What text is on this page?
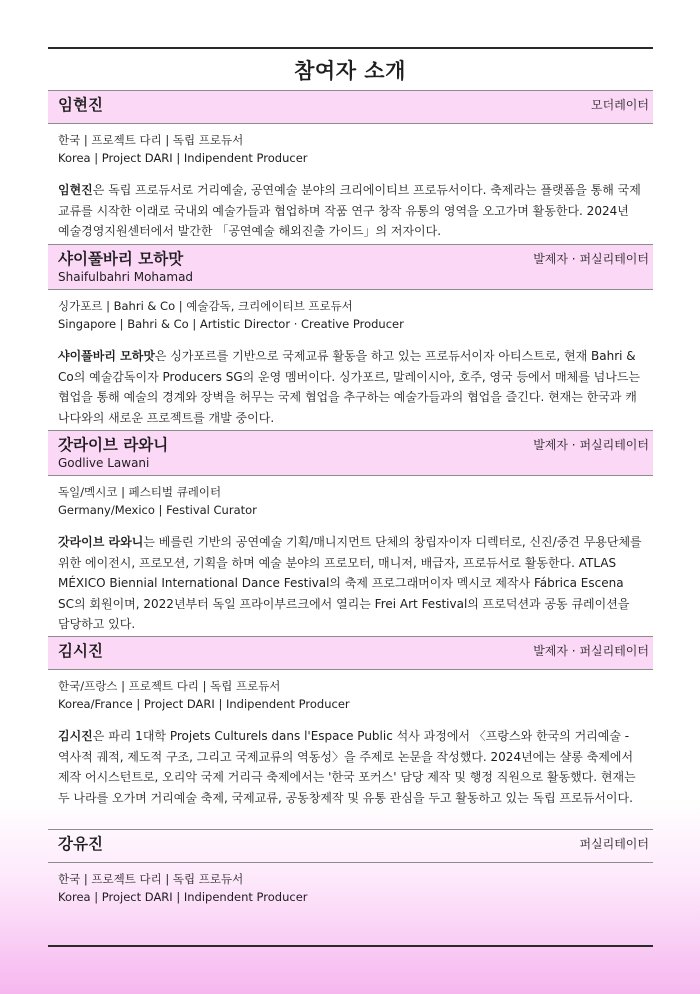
참여자 소개
임현진	모더레이터
한국 | 프로젝트 다리 | 독립 프로듀서
Korea | Project DARI | Indipendent Producer
임현진은 독립 프로듀서로 거리예술, 공연예술 분야의 크리에이티브 프로듀서이다. 축제라는 플랫폼을 통해 국제교류를 시작한 이래로 국내외 예술가들과 협업하며 작품 연구 창작 유통의 영역을 오고가며 활동한다. 2024년 예술경영지원센터에서 발간한 「공연예술 해외진출 가이드」의 저자이다.
샤이풀바리 모하맛
Shaifulbahri Mohamad
발제자 · 퍼실리테이터
싱가포르 | Bahri & Co | 예술감독, 크리에이티브 프로듀서
Singapore | Bahri & Co | Artistic Director · Creative Producer
샤이풀바리 모하맛은 싱가포르를 기반으로 국제교류 활동을 하고 있는 프로듀서이자 아티스트로, 현재 Bahri & Co의 예술감독이자 Producers SG의 운영 멤버이다. 싱가포르, 말레이시아, 호주, 영국 등에서 매체를 넘나드는 협업을 통해 예술의 경계와 장벽을 허무는 국제 협업을 추구하는 예술가들과의 협업을 즐긴다. 현재는 한국과 캐나다와의 새로운 프로젝트를 개발 중이다.
갓라이브 라와니
Godlive Lawani
발제자 · 퍼실리테이터
독일/멕시코 | 페스티벌 큐레이터
Germany/Mexico | Festival Curator
갓라이브 라와니는 베를린 기반의 공연예술 기획/매니지먼트 단체의 창립자이자 디렉터로, 신진/중견 무용단체를 위한 에이전시, 프로모션, 기획을 하며 예술 분야의 프로모터, 매니저, 배급자, 프로듀서로 활동한다. ATLAS MÉXICO Biennial International Dance Festival의 축제 프로그래머이자 멕시코 제작사 Fábrica Escena SC의 회원이며, 2022년부터 독일 프라이부르크에서 열리는 Frei Art Festival의 프로덕션과 공동 큐레이션을 담당하고 있다.
김시진	발제자 · 퍼실리테이터
한국/프랑스 | 프로젝트 다리 | 독립 프로듀서
Korea/France | Project DARI | Indipendent Producer
김시진은 파리 1대학 Projets Culturels dans l'Espace Public 석사 과정에서 〈프랑스와 한국의 거리예술 - 역사적 궤적, 제도적 구조, 그리고 국제교류의 역동성〉을 주제로 논문을 작성했다. 2024년에는 샬롱 축제에서 제작 어시스턴트로, 오리악 국제 거리극 축제에서는 '한국 포커스' 담당 제작 및 행정 직원으로 활동했다. 현재는 두 나라를 오가며 거리예술 축제, 국제교류, 공동창제작 및 유통 관심을 두고 활동하고 있는 독립 프로듀서이다.
강유진	퍼실리테이터
한국 | 프로젝트 다리 | 독립 프로듀서
Korea | Project DARI | Indipendent Producer
